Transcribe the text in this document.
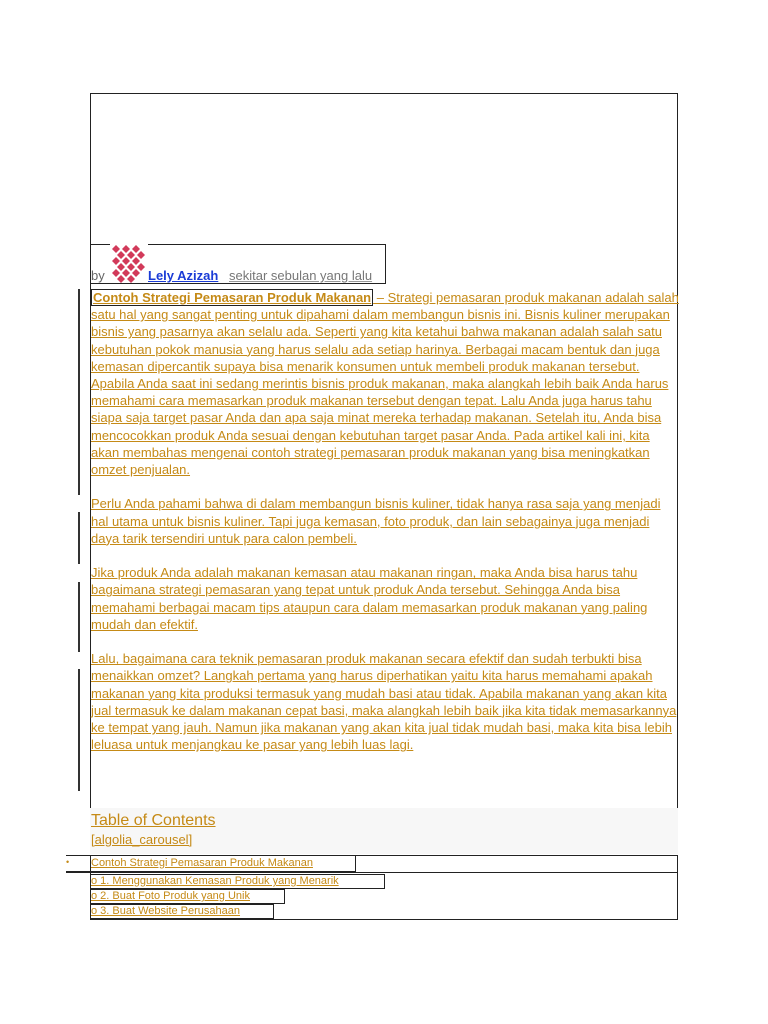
by	Lely Azizah sekitar sebulan yang lalu

Contoh Strategi Pemasaran Produk Makanan – Strategi pemasaran produk makanan adalah salah satu hal yang sangat penting untuk dipahami dalam membangun bisnis ini. Bisnis kuliner merupakan bisnis yang pasarnya akan selalu ada. Seperti yang kita ketahui bahwa makanan adalah salah satu kebutuhan pokok manusia yang harus selalu ada setiap harinya. Berbagai macam bentuk dan juga kemasan dipercantik supaya bisa menarik konsumen untuk membeli produk makanan tersebut.
Apabila Anda saat ini sedang merintis bisnis produk makanan, maka alangkah lebih baik Anda harus memahami cara memasarkan produk makanan tersebut dengan tepat. Lalu Anda juga harus tahu siapa saja target pasar Anda dan apa saja minat mereka terhadap makanan. Setelah itu, Anda bisa mencocokkan produk Anda sesuai dengan kebutuhan target pasar Anda. Pada artikel kali ini, kita akan membahas mengenai contoh strategi pemasaran produk makanan yang bisa meningkatkan omzet penjualan.

Perlu Anda pahami bahwa di dalam membangun bisnis kuliner, tidak hanya rasa saja yang menjadi hal utama untuk bisnis kuliner. Tapi juga kemasan, foto produk, dan lain sebagainya juga menjadi daya tarik tersendiri untuk para calon pembeli.

Jika produk Anda adalah makanan kemasan atau makanan ringan, maka Anda bisa harus tahu bagaimana strategi pemasaran yang tepat untuk produk Anda tersebut. Sehingga Anda bisa memahami berbagai macam tips ataupun cara dalam memasarkan produk makanan yang paling mudah dan efektif.

Lalu, bagaimana cara teknik pemasaran produk makanan secara efektif dan sudah terbukti bisa menaikkan omzet? Langkah pertama yang harus diperhatikan yaitu kita harus memahami apakah makanan yang kita produksi termasuk yang mudah basi atau tidak. Apabila makanan yang akan kita jual termasuk ke dalam makanan cepat basi, maka alangkah lebih baik jika kita tidak memasarkannya ke tempat yang jauh. Namun jika makanan yang akan kita jual tidak mudah basi, maka kita bisa lebih leluasa untuk menjangkau ke pasar yang lebih luas lagi.

Table of Contents
[algolia_carousel]
• Contoh Strategi Pemasaran Produk Makanan
o 1. Menggunakan Kemasan Produk yang Menarik
o 2. Buat Foto Produk yang Unik
o 3. Buat Website Perusahaan
